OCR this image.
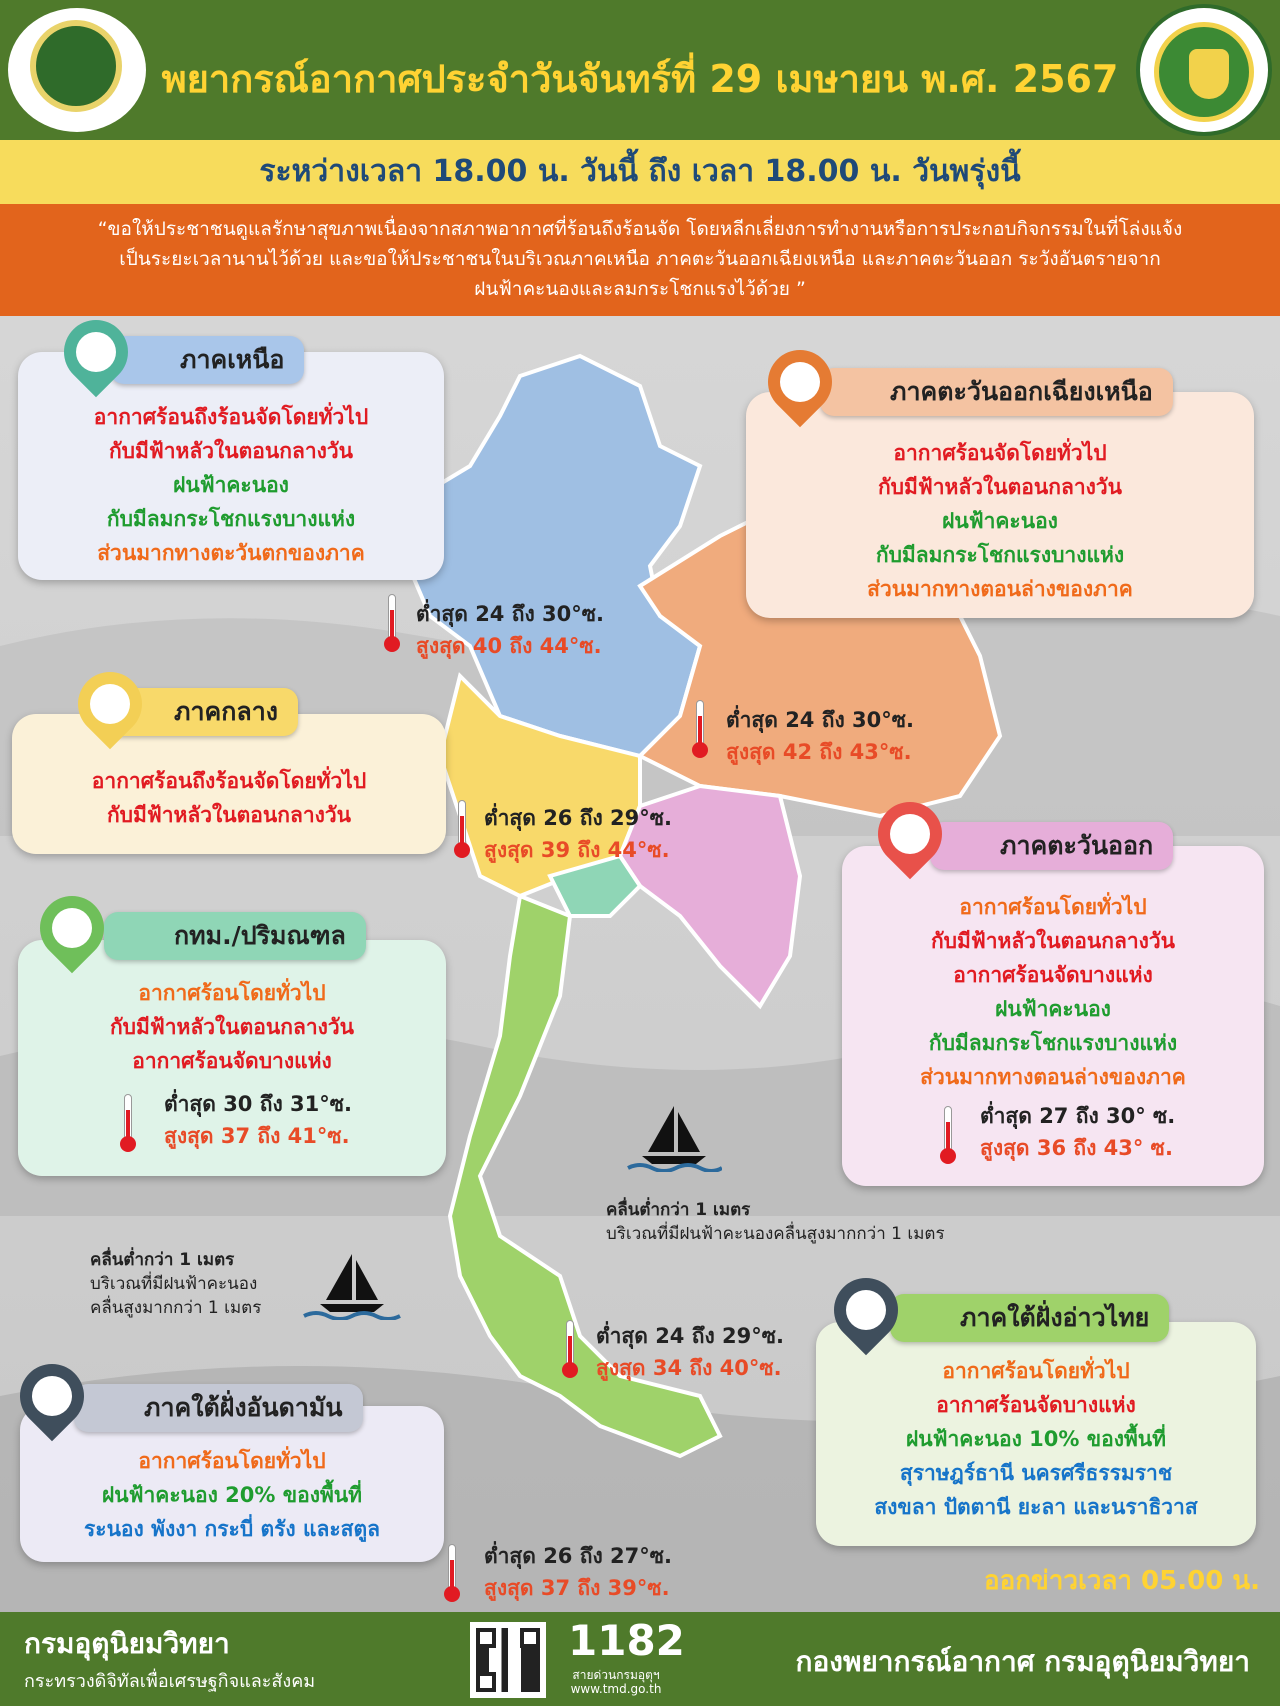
พยากรณ์อากาศประจำวันจันทร์ที่ 29 เมษายน พ.ศ. 2567
ระหว่างเวลา 18.00 น. วันนี้ ถึง เวลา 18.00 น. วันพรุ่งนี้
“ขอให้ประชาชนดูแลรักษาสุขภาพเนื่องจากสภาพอากาศที่ร้อนถึงร้อนจัด โดยหลีกเลี่ยงการทำงานหรือการประกอบกิจกรรมในที่โล่งแจ้ง
เป็นระยะเวลานานไว้ด้วย และขอให้ประชาชนในบริเวณภาคเหนือ ภาคตะวันออกเฉียงเหนือ และภาคตะวันออก ระวังอันตรายจาก
ฝนฟ้าคะนองและลมกระโชกแรงไว้ด้วย ”
อากาศร้อนถึงร้อนจัดโดยทั่วไป
กับมีฟ้าหลัวในตอนกลางวัน
ฝนฟ้าคะนอง
กับมีลมกระโชกแรงบางแห่ง
ส่วนมากทางตะวันตกของภาค
ภาคเหนือ
อากาศร้อนจัดโดยทั่วไป
กับมีฟ้าหลัวในตอนกลางวัน
ฝนฟ้าคะนอง
กับมีลมกระโชกแรงบางแห่ง
ส่วนมากทางตอนล่างของภาค
ภาคตะวันออกเฉียงเหนือ
อากาศร้อนถึงร้อนจัดโดยทั่วไป
กับมีฟ้าหลัวในตอนกลางวัน
ภาคกลาง
อากาศร้อนโดยทั่วไป
กับมีฟ้าหลัวในตอนกลางวัน
อากาศร้อนจัดบางแห่ง
ฝนฟ้าคะนอง
กับมีลมกระโชกแรงบางแห่ง
ส่วนมากทางตอนล่างของภาค
ภาคตะวันออก
อากาศร้อนโดยทั่วไป
กับมีฟ้าหลัวในตอนกลางวัน
อากาศร้อนจัดบางแห่ง
กทม./ปริมณฑล
อากาศร้อนโดยทั่วไป
อากาศร้อนจัดบางแห่ง
ฝนฟ้าคะนอง 10% ของพื้นที่
สุราษฎร์ธานี นครศรีธรรมราช
สงขลา ปัตตานี ยะลา และนราธิวาส
ภาคใต้ฝั่งอ่าวไทย
อากาศร้อนโดยทั่วไป
ฝนฟ้าคะนอง 20% ของพื้นที่
ระนอง พังงา กระบี่ ตรัง และสตูล
ภาคใต้ฝั่งอันดามัน
ต่ำสุด 24 ถึง 30°ซ.
สูงสุด 40 ถึง 44°ซ.
ต่ำสุด 24 ถึง 30°ซ.
สูงสุด 42 ถึง 43°ซ.
ต่ำสุด 26 ถึง 29°ซ.
สูงสุด 39 ถึง 44°ซ.
ต่ำสุด 30 ถึง 31°ซ.
สูงสุด 37 ถึง 41°ซ.
ต่ำสุด 27 ถึง 30° ซ.
สูงสุด 36 ถึง 43° ซ.
ต่ำสุด 24 ถึง 29°ซ.
สูงสุด 34 ถึง 40°ซ.
ต่ำสุด 26 ถึง 27°ซ.
สูงสุด 37 ถึง 39°ซ.
คลื่นต่ำกว่า 1 เมตร
บริเวณที่มีฝนฟ้าคะนองคลื่นสูงมากกว่า 1 เมตร
คลื่นต่ำกว่า 1 เมตร
บริเวณที่มีฝนฟ้าคะนอง
คลื่นสูงมากกว่า 1 เมตร
ออกข่าวเวลา 05.00 น.
กรมอุตุนิยมวิทยา
กระทรวงดิจิทัลเพื่อเศรษฐกิจและสังคม
1182
สายด่วนกรมอุตุฯ
www.tmd.go.th
กองพยากรณ์อากาศ กรมอุตุนิยมวิทยา
